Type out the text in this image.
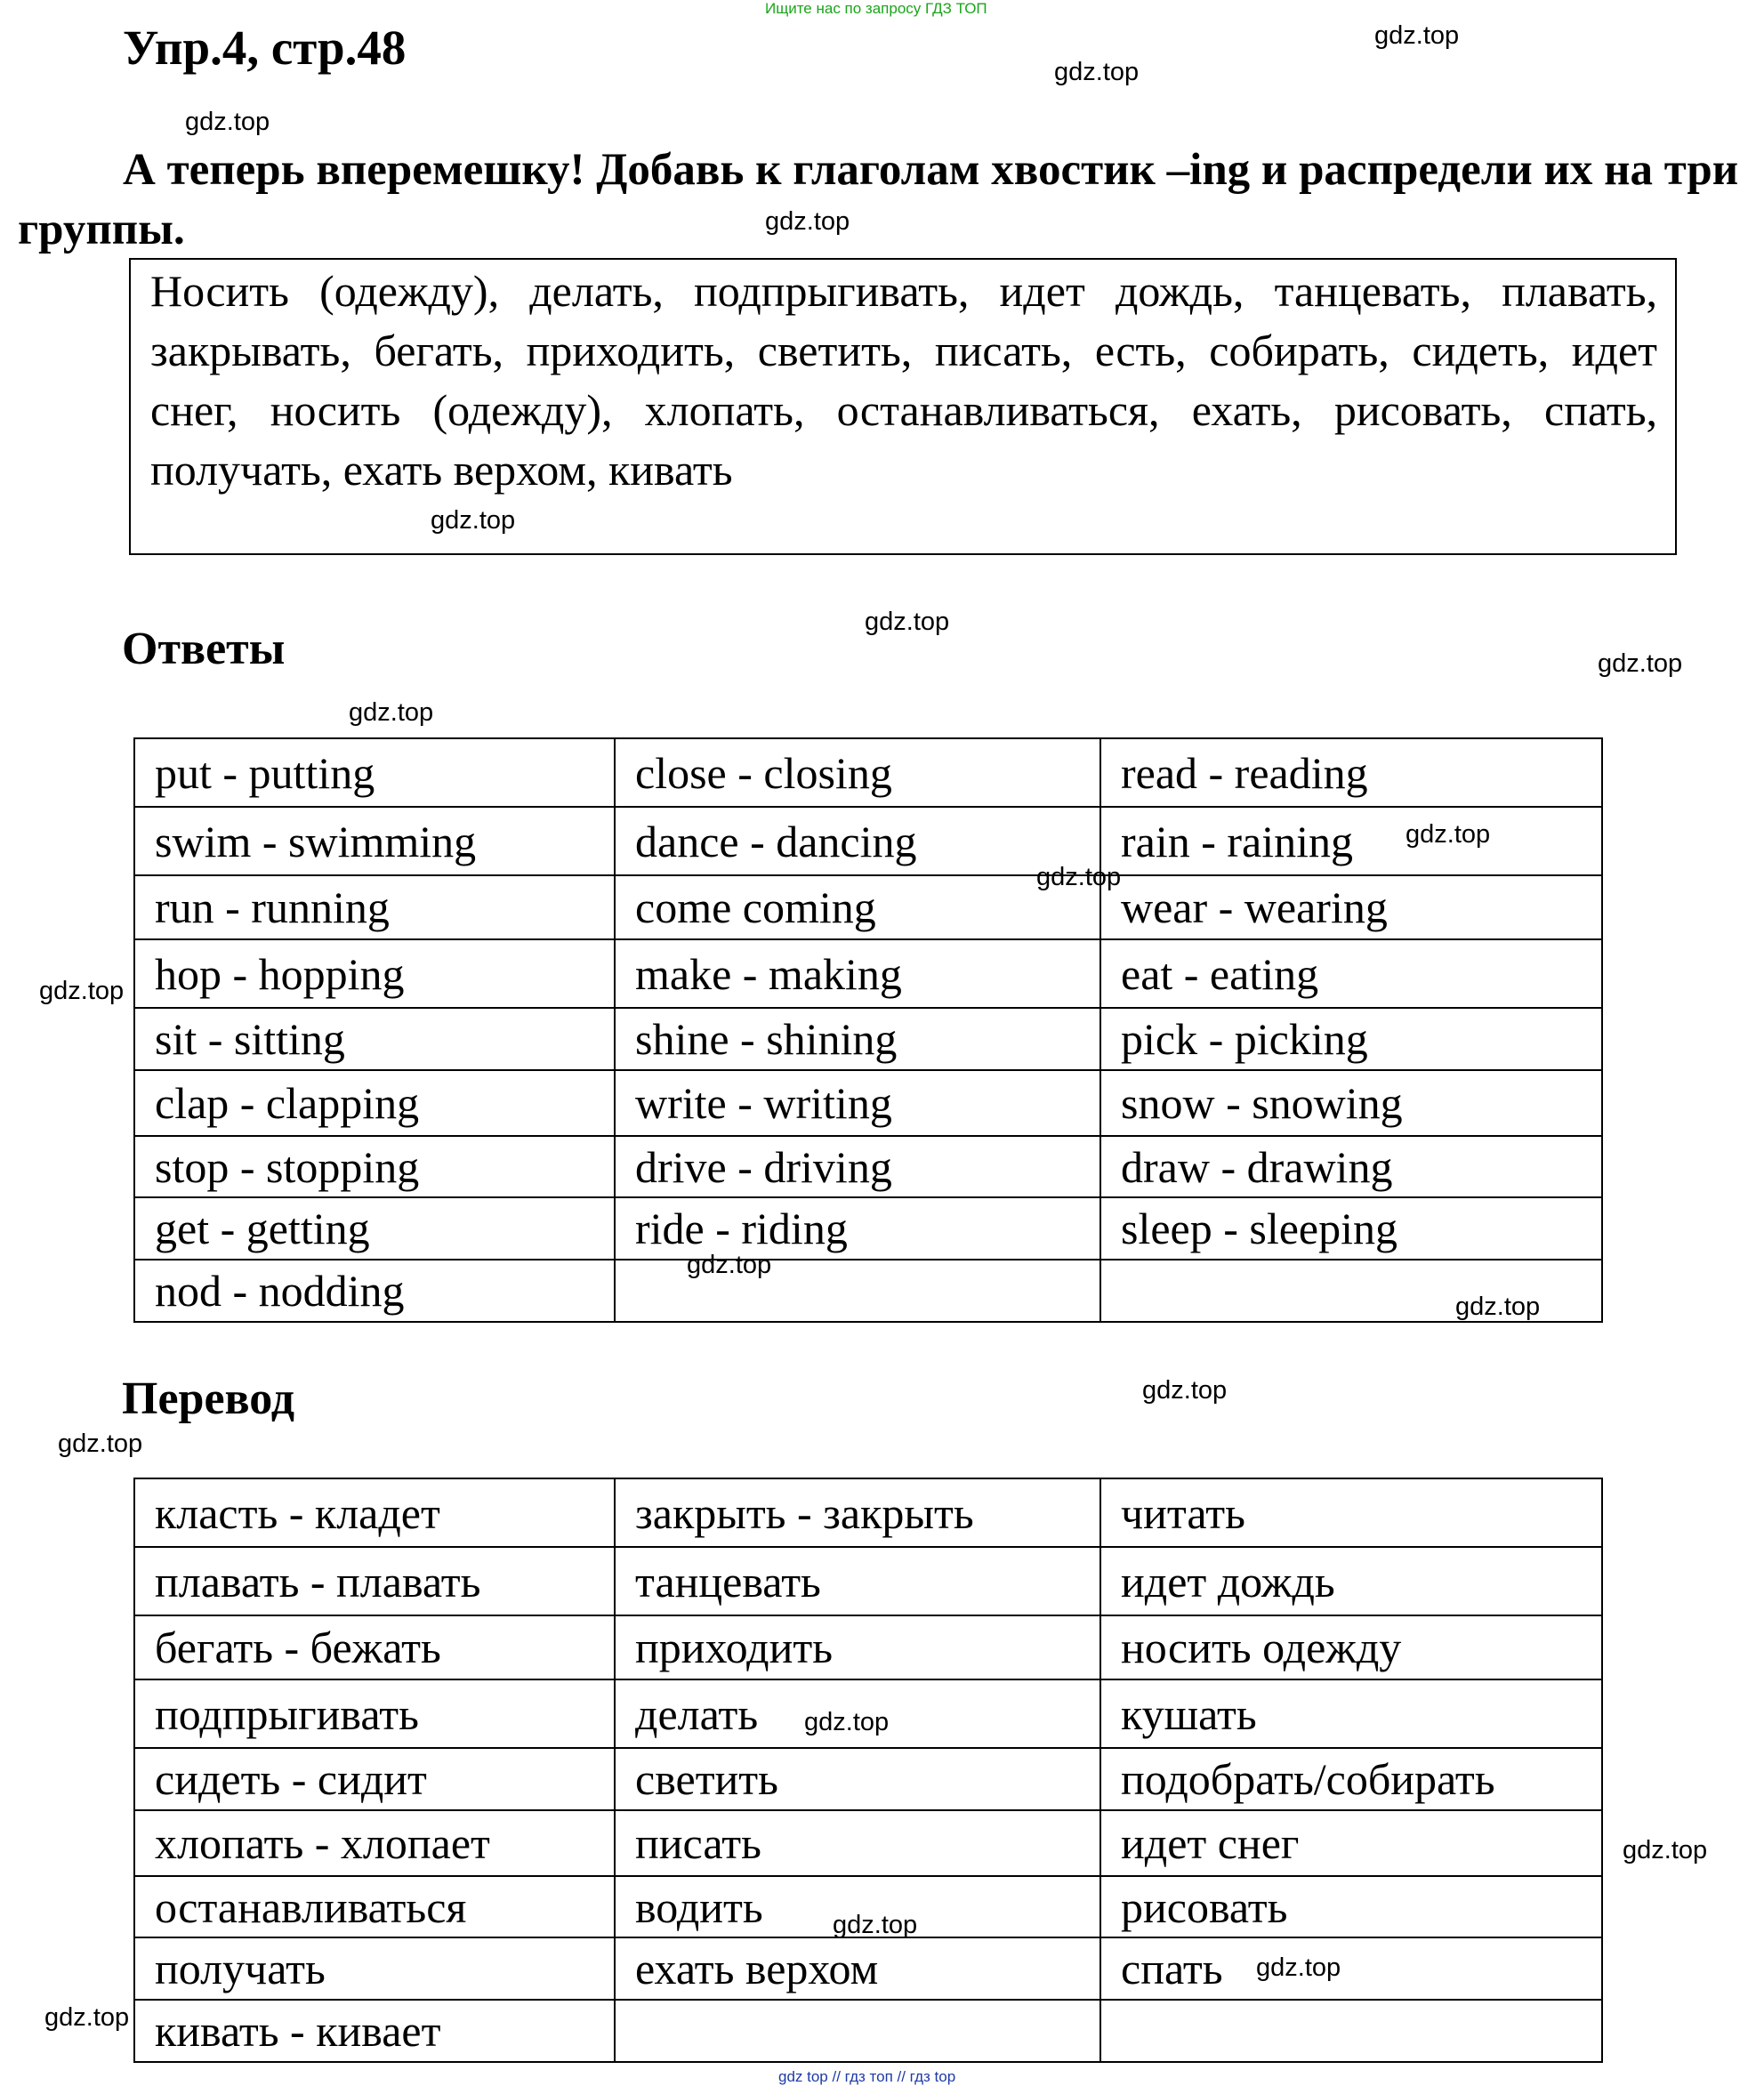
Ищите нас по запросу ГДЗ ТОП
Упр.4, стр.48

А теперь вперемешку! Добавь к глаголам хвостик –ing и распредели их на три группы.

Носить (одежду), делать, подпрыгивать, идет дождь, танцевать, плавать, закрывать, бегать, приходить, светить, писать, есть, собирать, сидеть, идет снег, носить (одежду), хлопать, останавливаться, ехать, рисовать, спать, получать, ехать верхом, кивать

Ответы
put - putting	close - closing	read - reading
swim - swimming	dance - dancing	rain - raining
run - running	come coming	wear - wearing
hop - hopping	make - making	eat - eating
sit - sitting	shine - shining	pick - picking
clap - clapping	write - writing	snow - snowing
stop - stopping	drive - driving	draw - drawing
get - getting	ride - riding	sleep - sleeping
nod - nodding		
Перевод
класть - кладет	закрыть - закрыть	читать
плавать - плавать	танцевать	идет дождь
бегать - бежать	приходить	носить одежду
подпрыгивать	делать	кушать
сидеть - сидит	светить	подобрать/собирать
хлопать - хлопает	писать	идет снег
останавливаться	водить	рисовать
получать	ехать верхом	спать
кивать - кивает		
gdz.top
gdz.top
gdz.top
gdz.top
gdz.top
gdz.top
gdz.top
gdz.top
gdz.top
gdz.top
gdz.top
gdz.top
gdz.top
gdz.top
gdz.top
gdz.top
gdz.top
gdz.top
gdz.top
gdz.top
gdz top // гдз топ // гдз top
